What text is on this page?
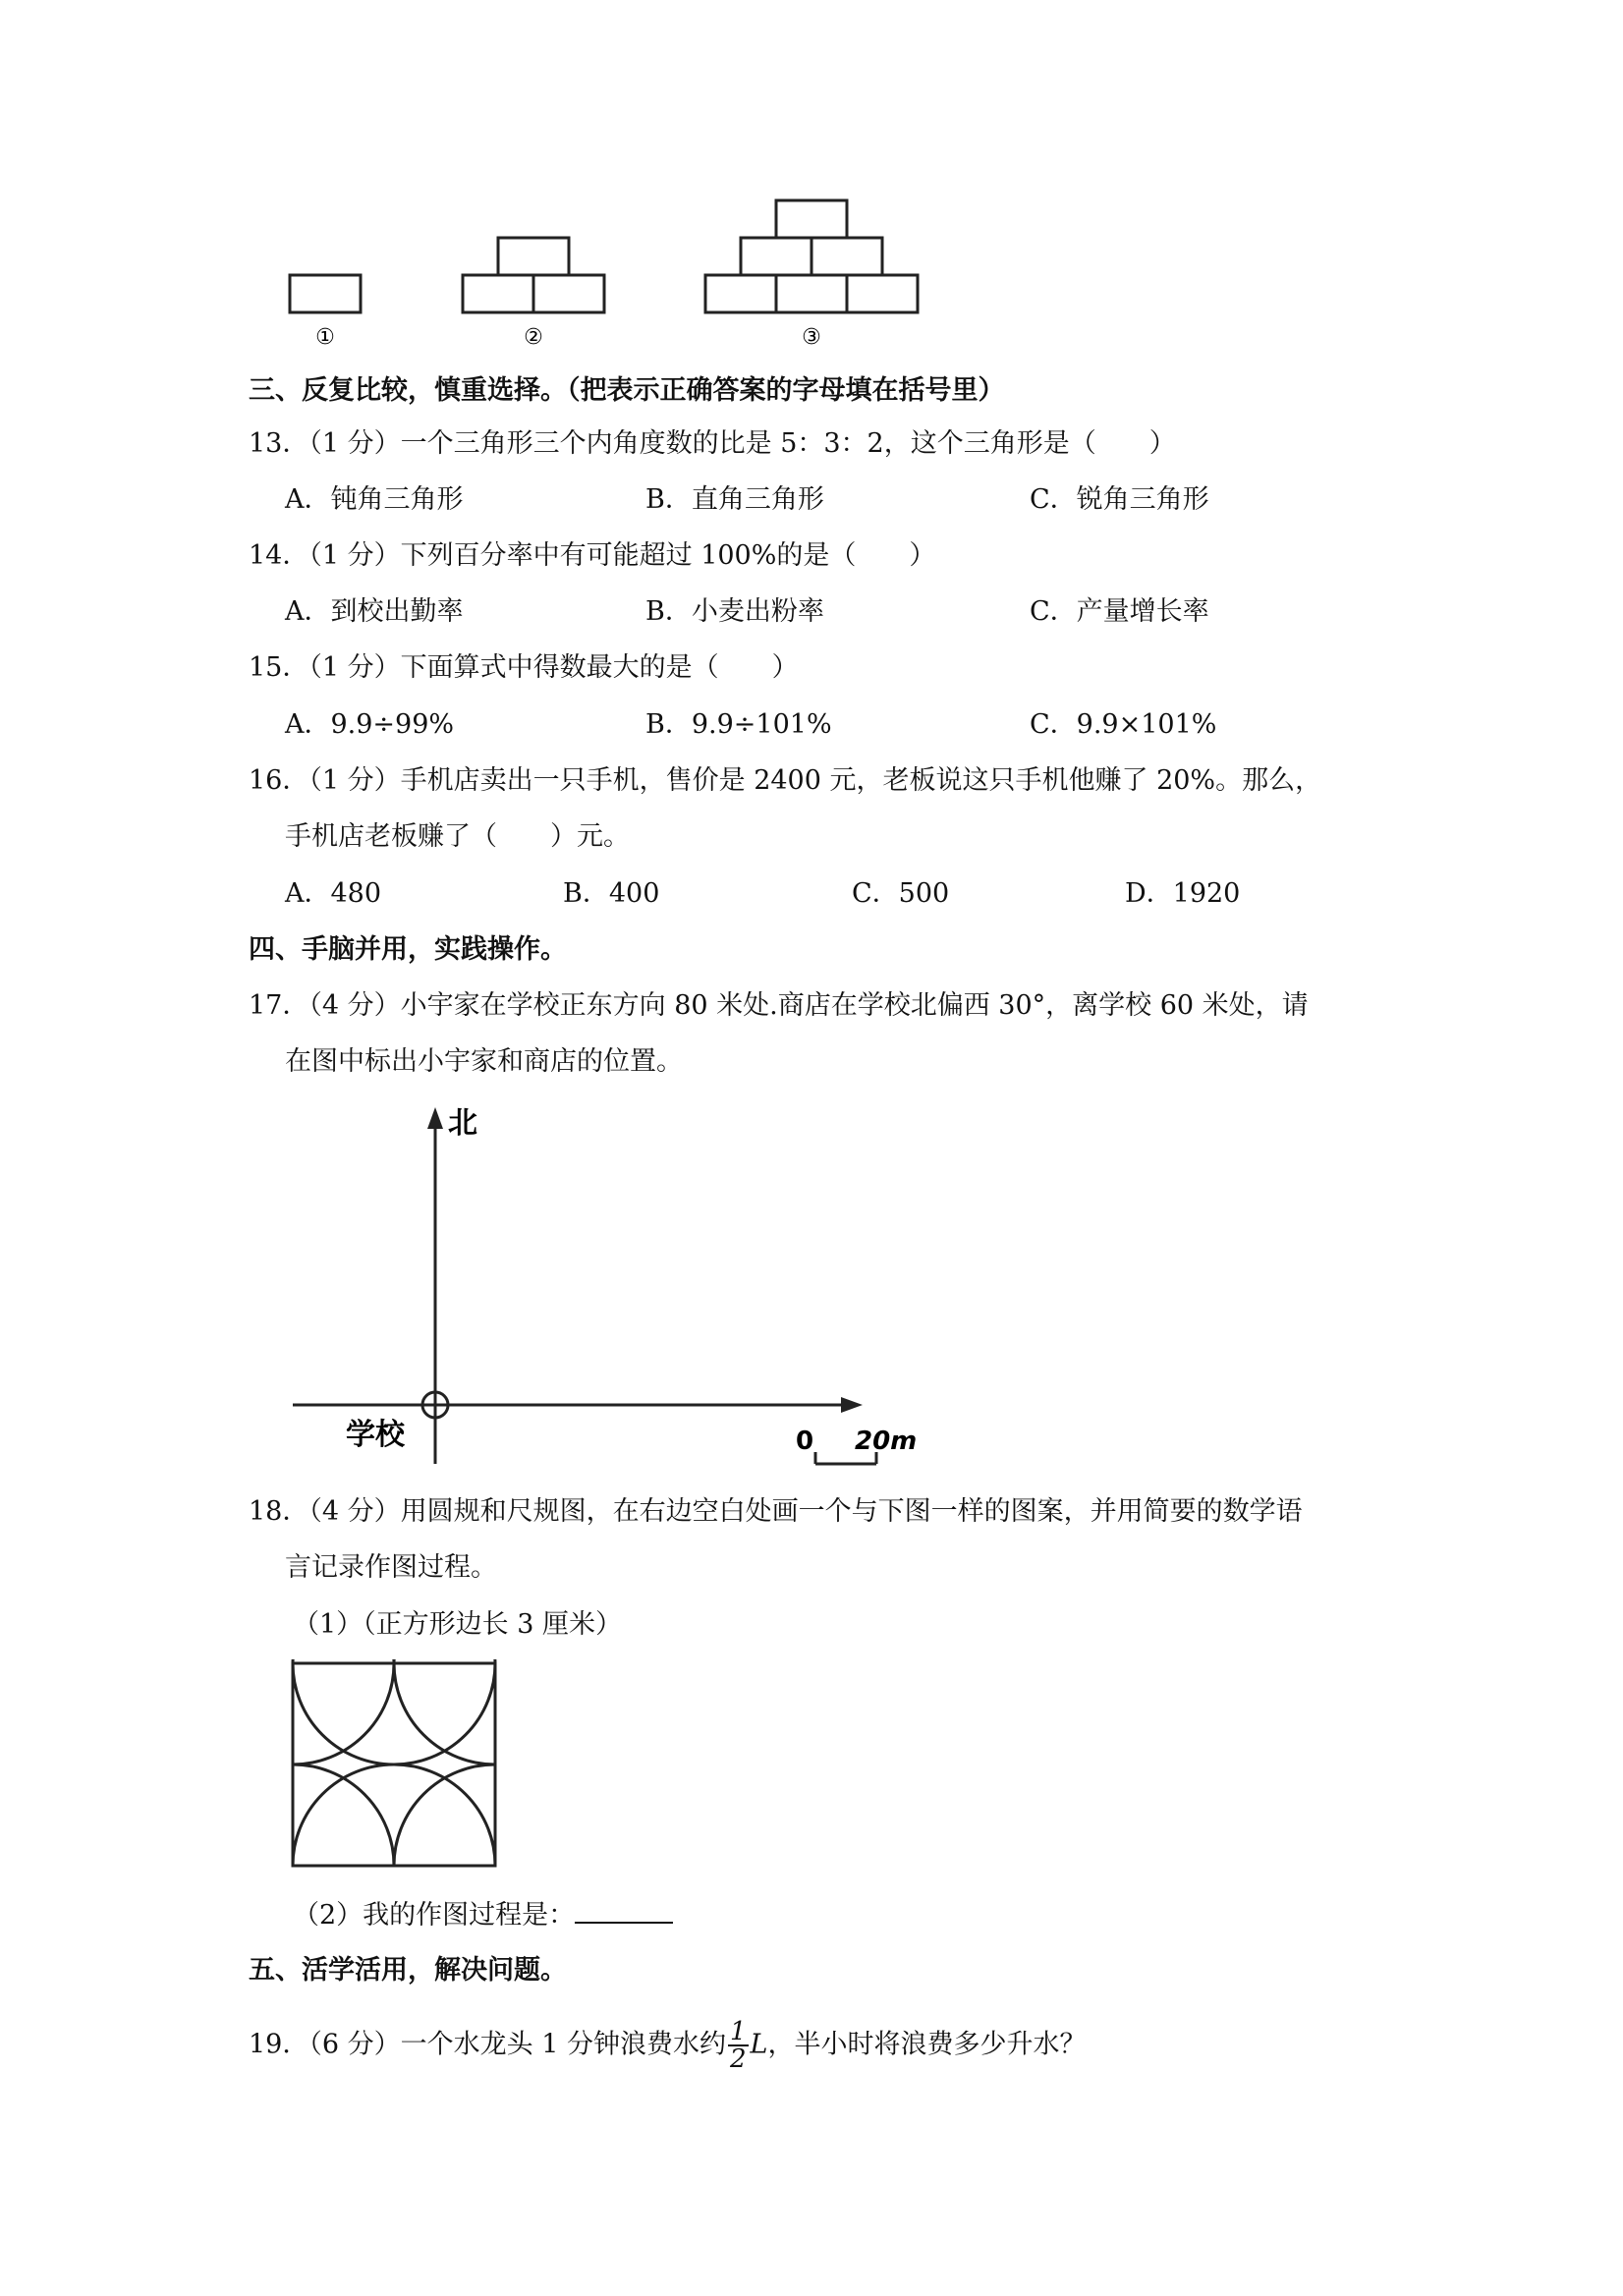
①	②	③
三、反复比较，慎重选择。（把表示正确答案的字母填在括号里）
13．（1 分）一个三角形三个内角度数的比是 5：3：2，这个三角形是（　　）
A．钝角三角形	B．直角三角形	C．锐角三角形
14．（1 分）下列百分率中有可能超过 100%的是（　　）
A．到校出勤率	B．小麦出粉率	C．产量增长率
15．（1 分）下面算式中得数最大的是（　　）
A．9.9÷99%	B．9.9÷101%	C．9.9×101%
16．（1 分）手机店卖出一只手机，售价是 2400 元，老板说这只手机他赚了 20%。那么，
手机店老板赚了（　　）元。
A．480	B．400	C．500	D．1920
四、手脑并用，实践操作。
17．（4 分）小宇家在学校正东方向 80 米处.商店在学校北偏西 30°，离学校 60 米处，请
在图中标出小宇家和商店的位置。
北
学校	0 20m
18．（4 分）用圆规和尺规图，在右边空白处画一个与下图一样的图案，并用简要的数学语
言记录作图过程。
（1）（正方形边长 3 厘米）
（2）我的作图过程是：
五、活学活用，解决问题。
19．（6 分）一个水龙头 1 分钟浪费水约 $\frac{1}{2}$ L，半小时将浪费多少升水？
